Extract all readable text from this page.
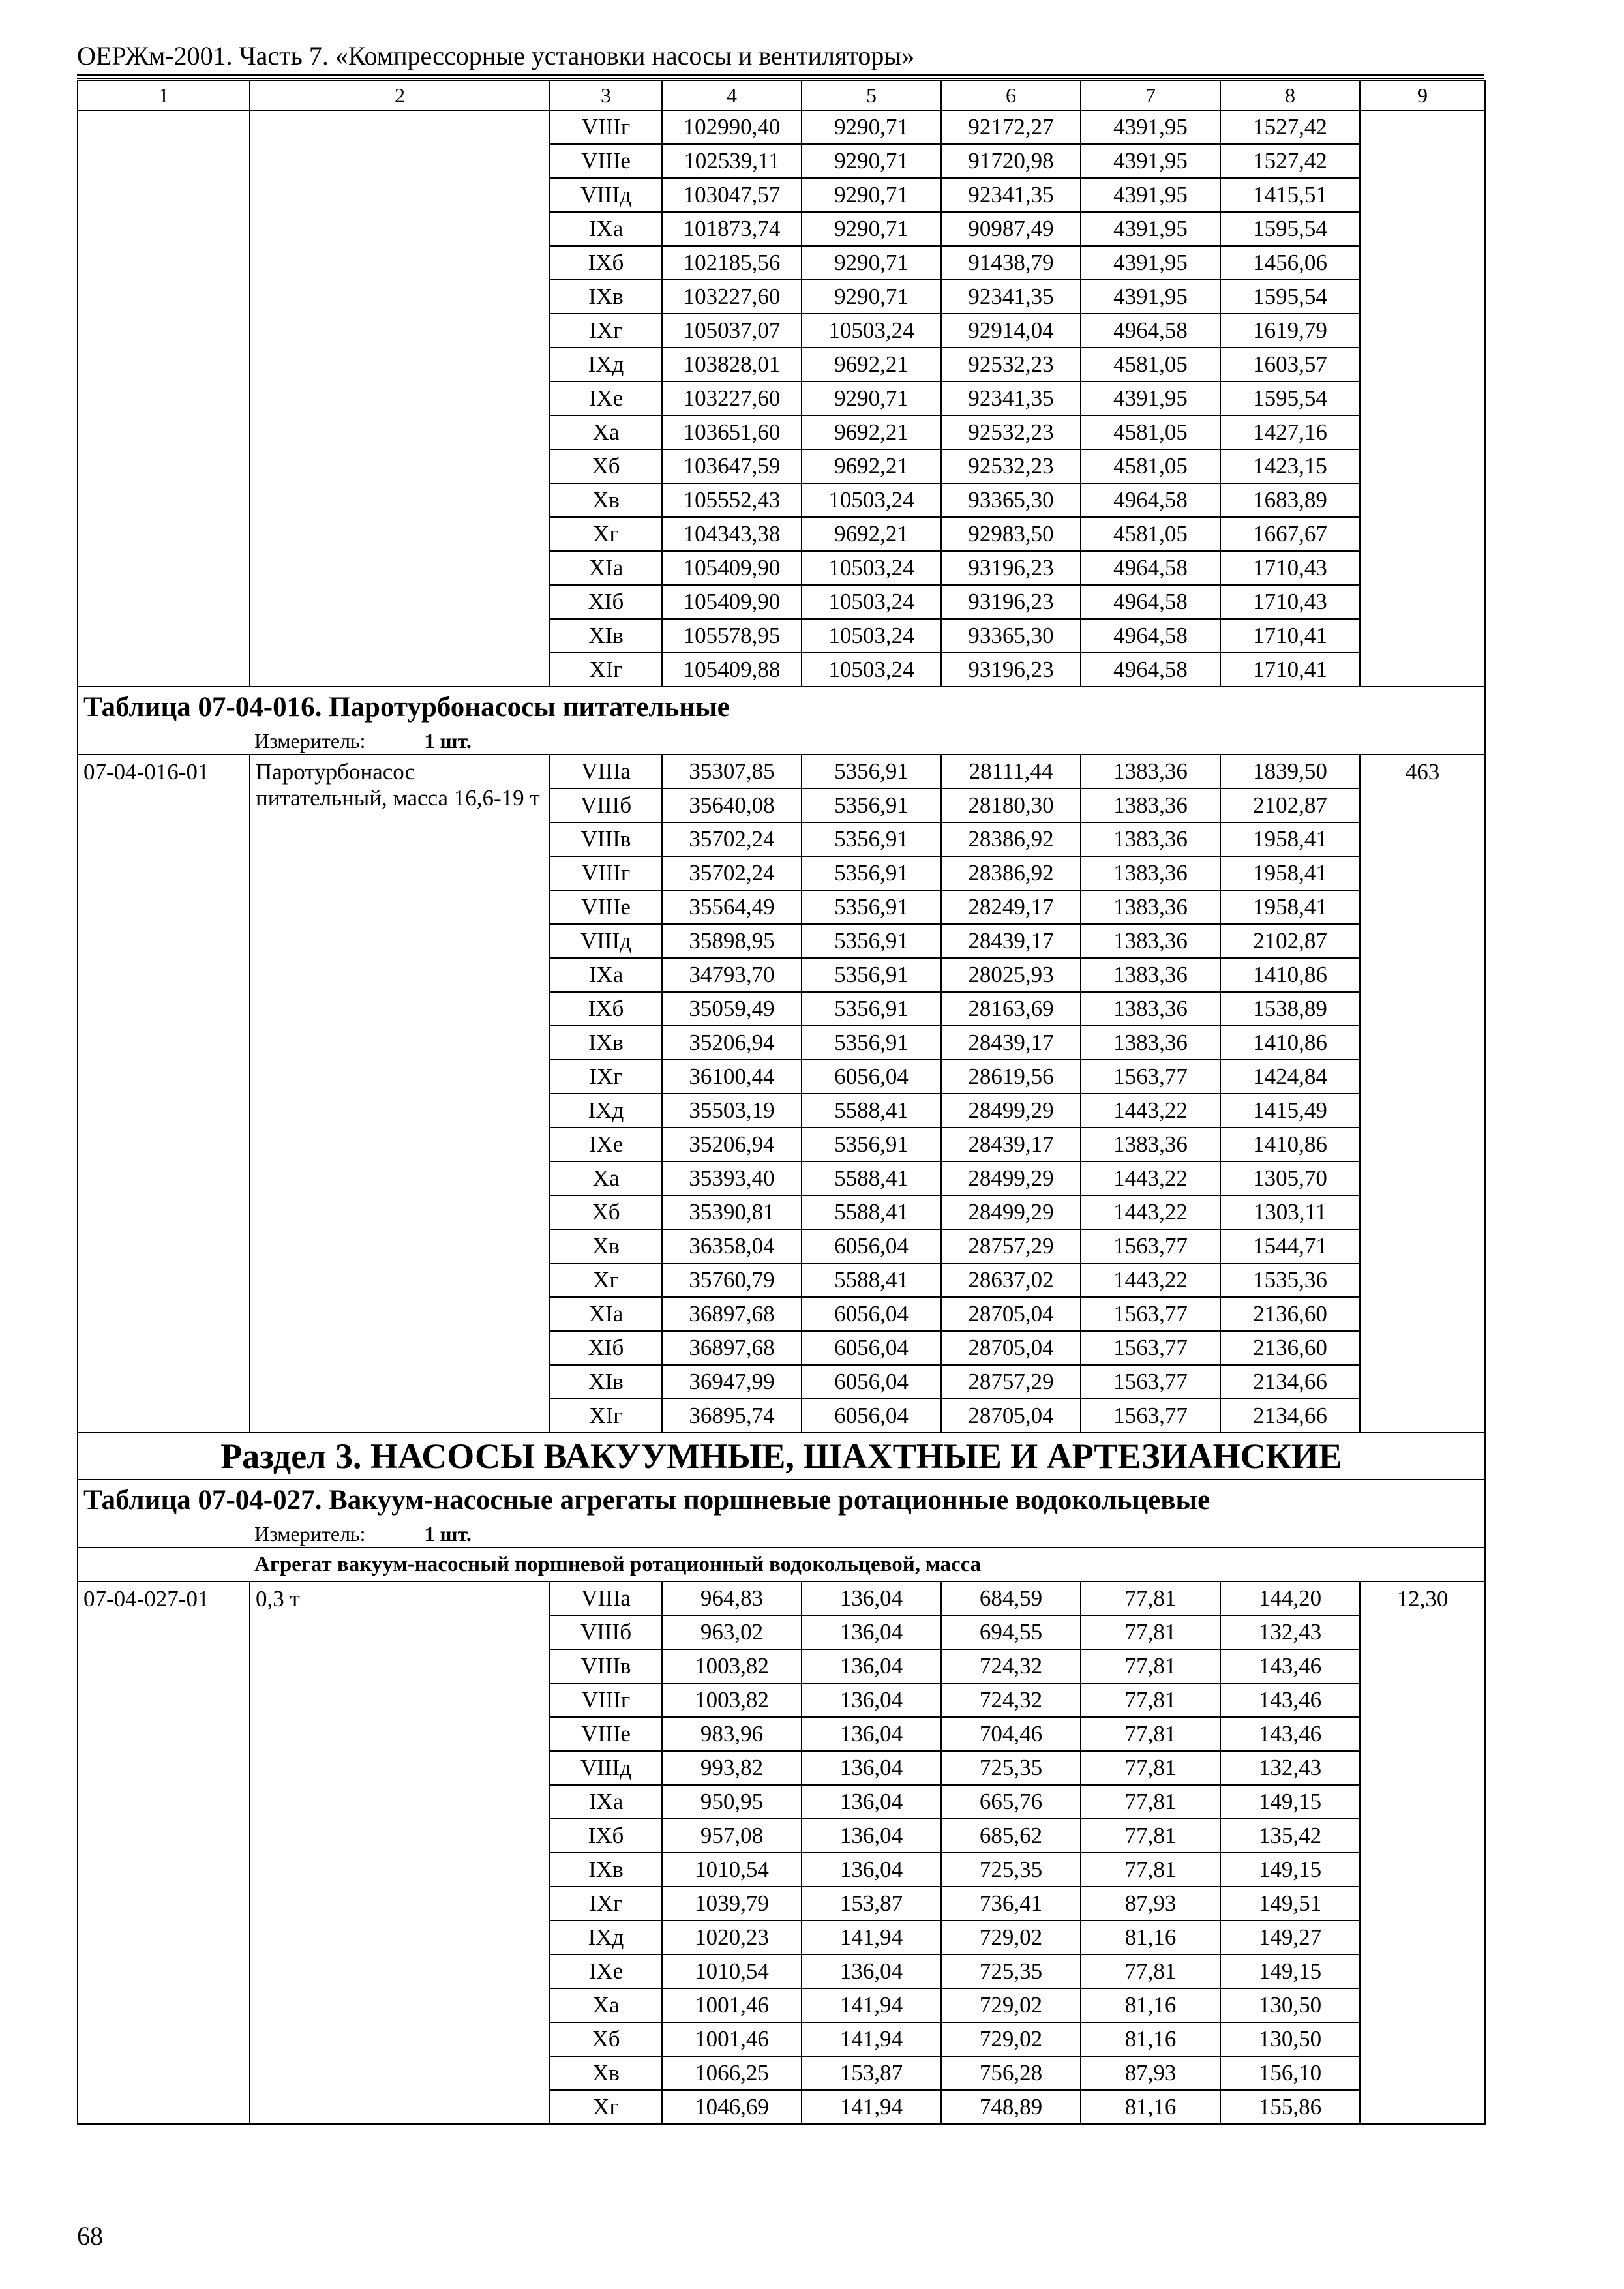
ОЕРЖм-2001. Часть 7. «Компрессорные установки насосы и вентиляторы»
1	2	3	4	5	6	7	8	9
		VIIIг	102990,40	9290,71	92172,27	4391,95	1527,42	
		VIIIе	102539,11	9290,71	91720,98	4391,95	1527,42	
		VIIIд	103047,57	9290,71	92341,35	4391,95	1415,51	
		IXа	101873,74	9290,71	90987,49	4391,95	1595,54	
		IXб	102185,56	9290,71	91438,79	4391,95	1456,06	
		IXв	103227,60	9290,71	92341,35	4391,95	1595,54	
		IXг	105037,07	10503,24	92914,04	4964,58	1619,79	
		IXд	103828,01	9692,21	92532,23	4581,05	1603,57	
		IXе	103227,60	9290,71	92341,35	4391,95	1595,54	
		Xа	103651,60	9692,21	92532,23	4581,05	1427,16	
		Xб	103647,59	9692,21	92532,23	4581,05	1423,15	
		Xв	105552,43	10503,24	93365,30	4964,58	1683,89	
		Xг	104343,38	9692,21	92983,50	4581,05	1667,67	
		XIа	105409,90	10503,24	93196,23	4964,58	1710,43	
		XIб	105409,90	10503,24	93196,23	4964,58	1710,43	
		XIв	105578,95	10503,24	93365,30	4964,58	1710,41	
		XIг	105409,88	10503,24	93196,23	4964,58	1710,41	
Таблица 07-04-016. Паротурбонасосы питательные								
Измеритель: 1 шт.								
07-04-016-01	Паротурбонасос питательный, масса 16,6-19 т	VIIIа	35307,85	5356,91	28111,44	1383,36	1839,50	463
		VIIIб	35640,08	5356,91	28180,30	1383,36	2102,87	
		VIIIв	35702,24	5356,91	28386,92	1383,36	1958,41	
		VIIIг	35702,24	5356,91	28386,92	1383,36	1958,41	
		VIIIе	35564,49	5356,91	28249,17	1383,36	1958,41	
		VIIIд	35898,95	5356,91	28439,17	1383,36	2102,87	
		IXа	34793,70	5356,91	28025,93	1383,36	1410,86	
		IXб	35059,49	5356,91	28163,69	1383,36	1538,89	
		IXв	35206,94	5356,91	28439,17	1383,36	1410,86	
		IXг	36100,44	6056,04	28619,56	1563,77	1424,84	
		IXд	35503,19	5588,41	28499,29	1443,22	1415,49	
		IXе	35206,94	5356,91	28439,17	1383,36	1410,86	
		Xа	35393,40	5588,41	28499,29	1443,22	1305,70	
		Xб	35390,81	5588,41	28499,29	1443,22	1303,11	
		Xв	36358,04	6056,04	28757,29	1563,77	1544,71	
		Xг	35760,79	5588,41	28637,02	1443,22	1535,36	
		XIа	36897,68	6056,04	28705,04	1563,77	2136,60	
		XIб	36897,68	6056,04	28705,04	1563,77	2136,60	
		XIв	36947,99	6056,04	28757,29	1563,77	2134,66	
		XIг	36895,74	6056,04	28705,04	1563,77	2134,66	
Раздел 3. НАСОСЫ ВАКУУМНЫЕ, ШАХТНЫЕ И АРТЕЗИАНСКИЕ								
Таблица 07-04-027. Вакуум-насосные агрегаты поршневые ротационные водокольцевые								
Измеритель: 1 шт.								
Агрегат вакуум-насосный поршневой ротационный водокольцевой, масса								
07-04-027-01	0,3 т	VIIIа	964,83	136,04	684,59	77,81	144,20	12,30
		VIIIб	963,02	136,04	694,55	77,81	132,43	
		VIIIв	1003,82	136,04	724,32	77,81	143,46	
		VIIIг	1003,82	136,04	724,32	77,81	143,46	
		VIIIе	983,96	136,04	704,46	77,81	143,46	
		VIIIд	993,82	136,04	725,35	77,81	132,43	
		IXа	950,95	136,04	665,76	77,81	149,15	
		IXб	957,08	136,04	685,62	77,81	135,42	
		IXв	1010,54	136,04	725,35	77,81	149,15	
		IXг	1039,79	153,87	736,41	87,93	149,51	
		IXд	1020,23	141,94	729,02	81,16	149,27	
		IXе	1010,54	136,04	725,35	77,81	149,15	
		Xа	1001,46	141,94	729,02	81,16	130,50	
		Xб	1001,46	141,94	729,02	81,16	130,50	
		Xв	1066,25	153,87	756,28	87,93	156,10	
		Xг	1046,69	141,94	748,89	81,16	155,86	
68
